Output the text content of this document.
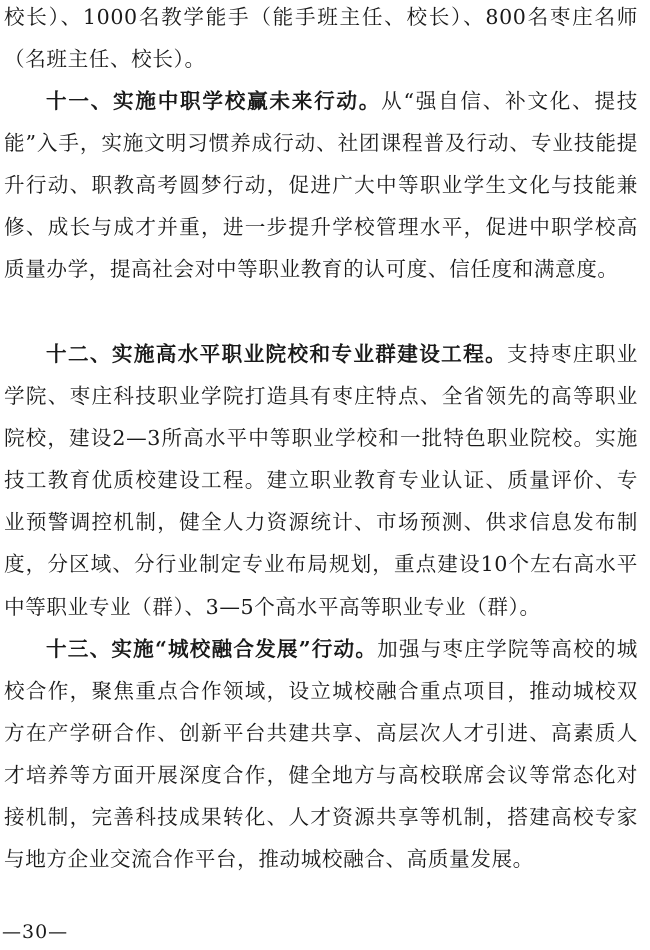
校长）、1000名教学能手（能手班主任、校长）、800名枣庄名师（名班主任、校长）。

十一、实施中职学校赢未来行动。从“强自信、补文化、提技能”入手，实施文明习惯养成行动、社团课程普及行动、专业技能提升行动、职教高考圆梦行动，促进广大中等职业学生文化与技能兼修、成长与成才并重，进一步提升学校管理水平，促进中职学校高质量办学，提高社会对中等职业教育的认可度、信任度和满意度。

十二、实施高水平职业院校和专业群建设工程。支持枣庄职业学院、枣庄科技职业学院打造具有枣庄特点、全省领先的高等职业院校，建设2—3所高水平中等职业学校和一批特色职业院校。实施技工教育优质校建设工程。建立职业教育专业认证、质量评价、专业预警调控机制，健全人力资源统计、市场预测、供求信息发布制度，分区域、分行业制定专业布局规划，重点建设10个左右高水平中等职业专业（群）、3—5个高水平高等职业专业（群）。

十三、实施“城校融合发展”行动。加强与枣庄学院等高校的城校合作，聚焦重点合作领域，设立城校融合重点项目，推动城校双方在产学研合作、创新平台共建共享、高层次人才引进、高素质人才培养等方面开展深度合作，健全地方与高校联席会议等常态化对接机制，完善科技成果转化、人才资源共享等机制，搭建高校专家与地方企业交流合作平台，推动城校融合、高质量发展。

—30—
